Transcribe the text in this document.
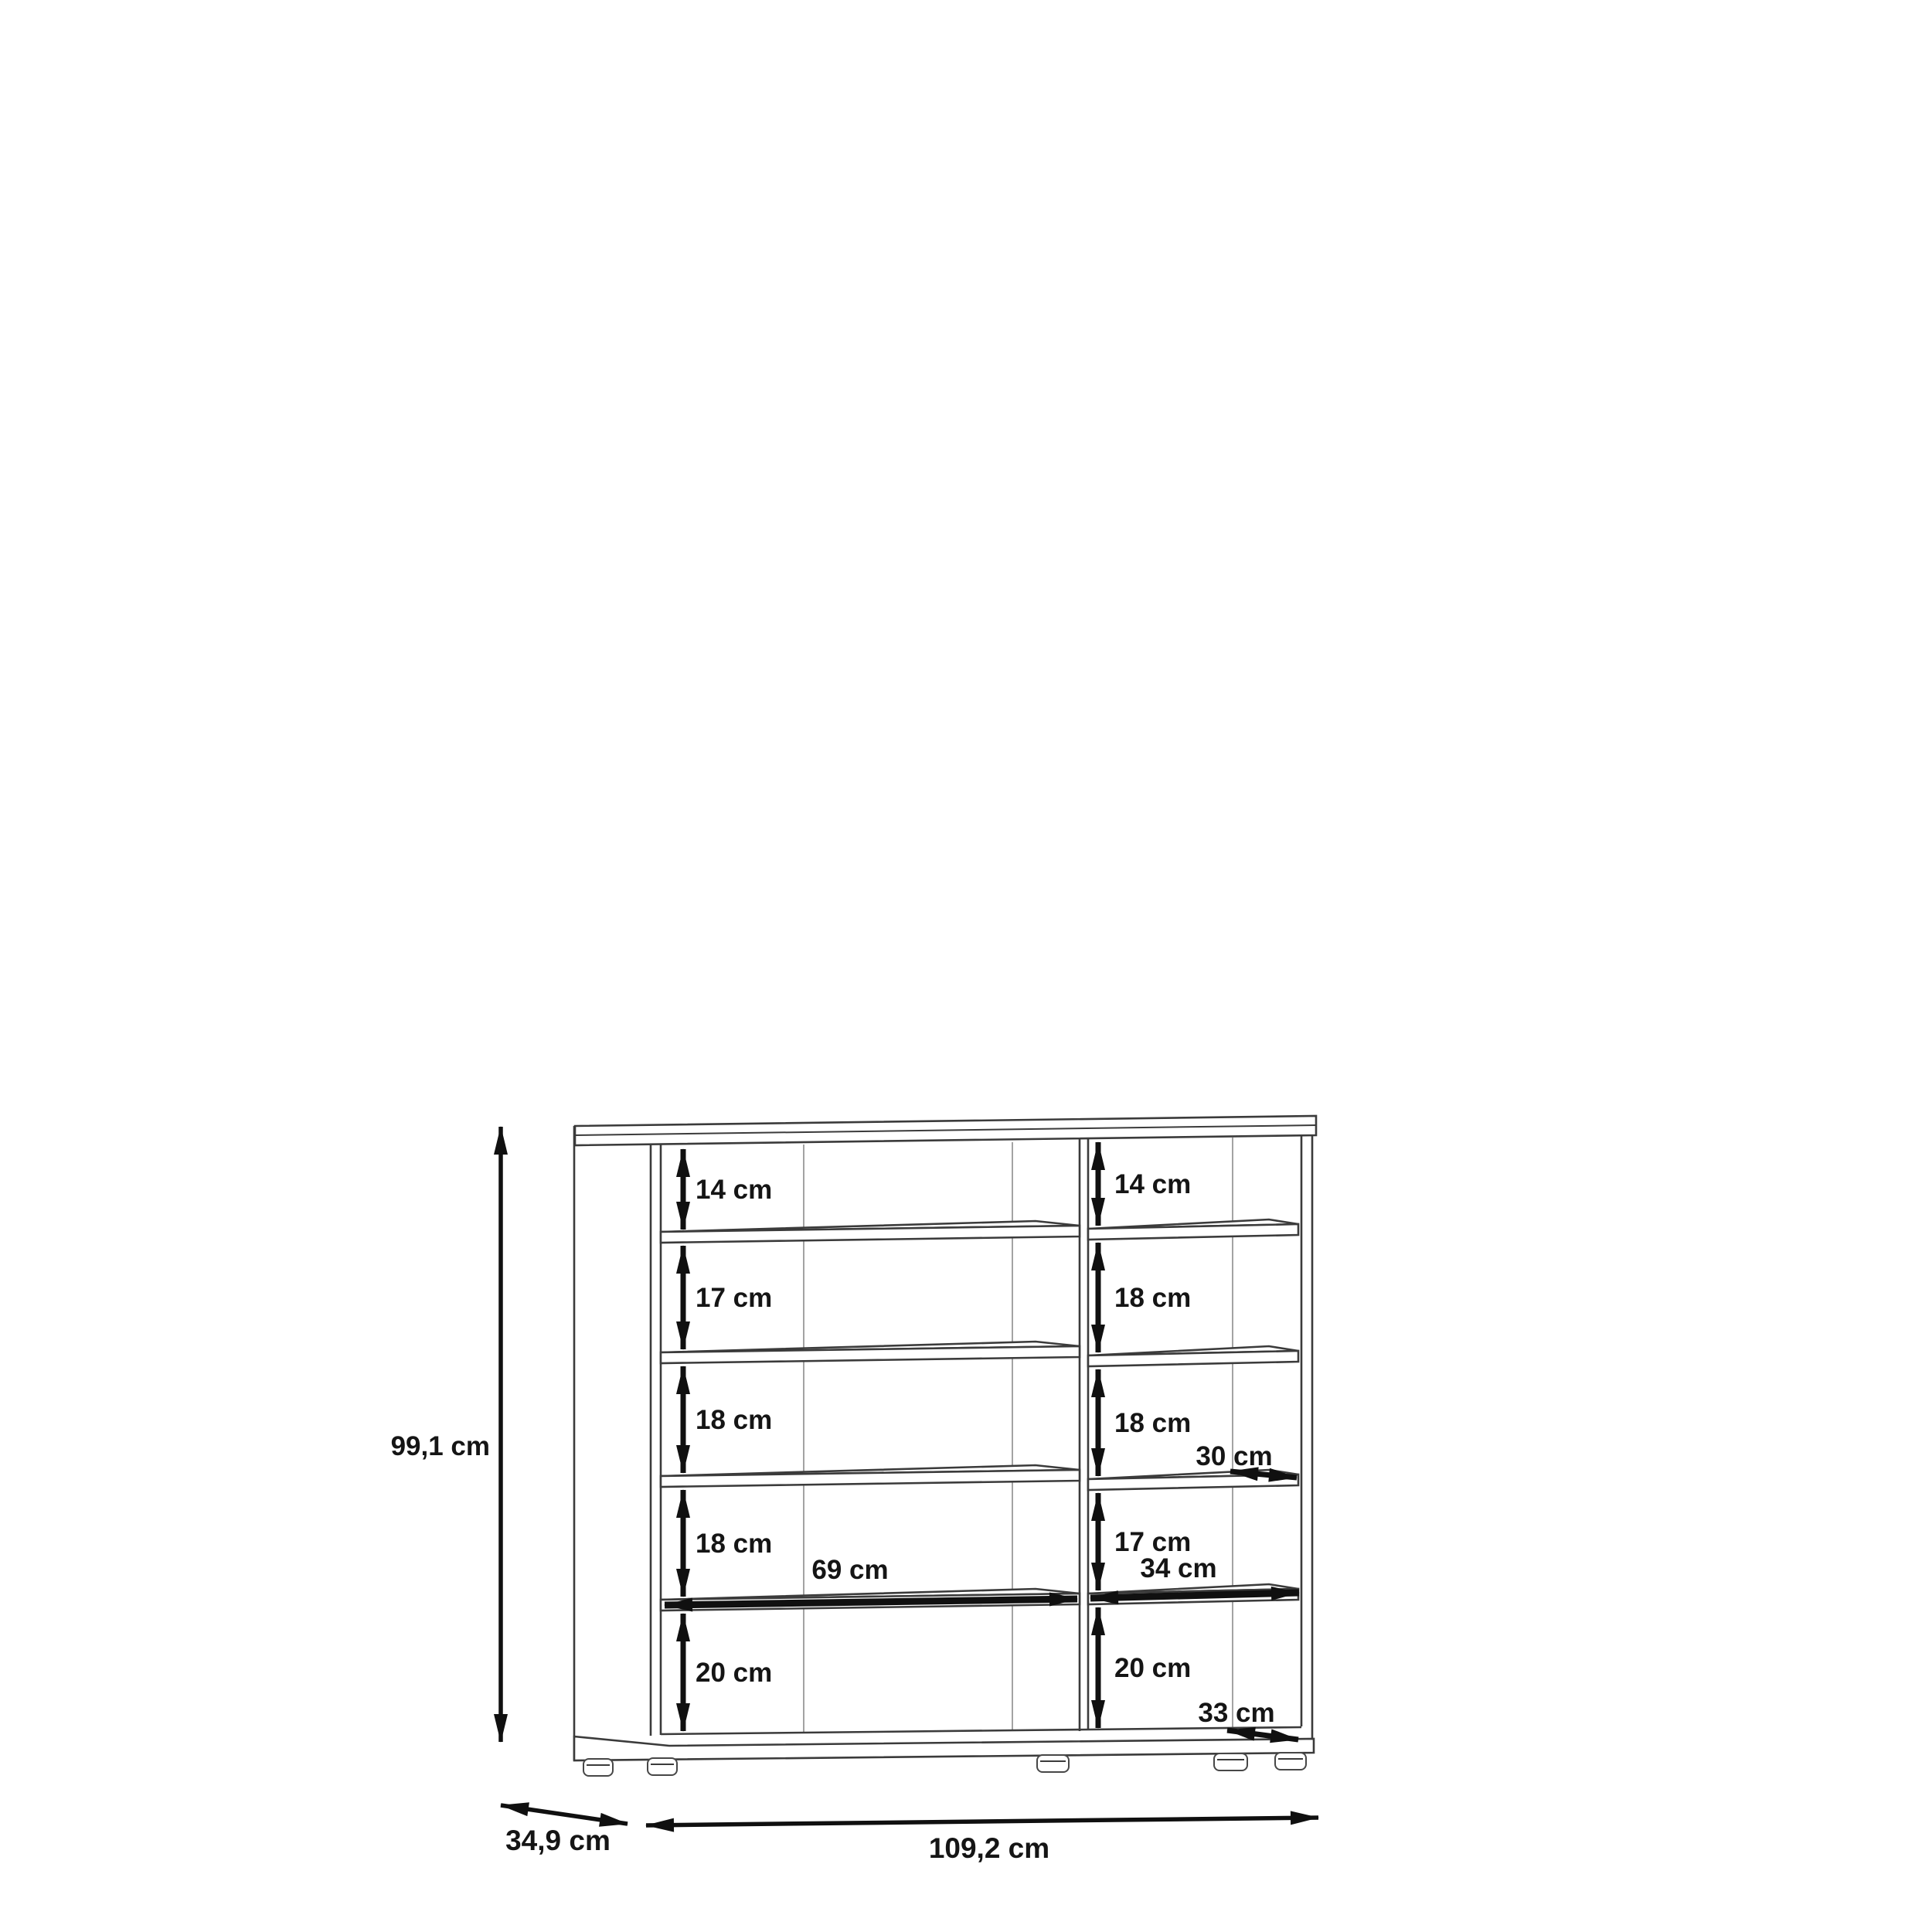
99,1 cm
14 cm
17 cm
18 cm
18 cm
20 cm
14 cm
18 cm
18 cm
17 cm
20 cm
69 cm	34 cm
30 cm
33 cm
109,2 cm
34,9 cm
